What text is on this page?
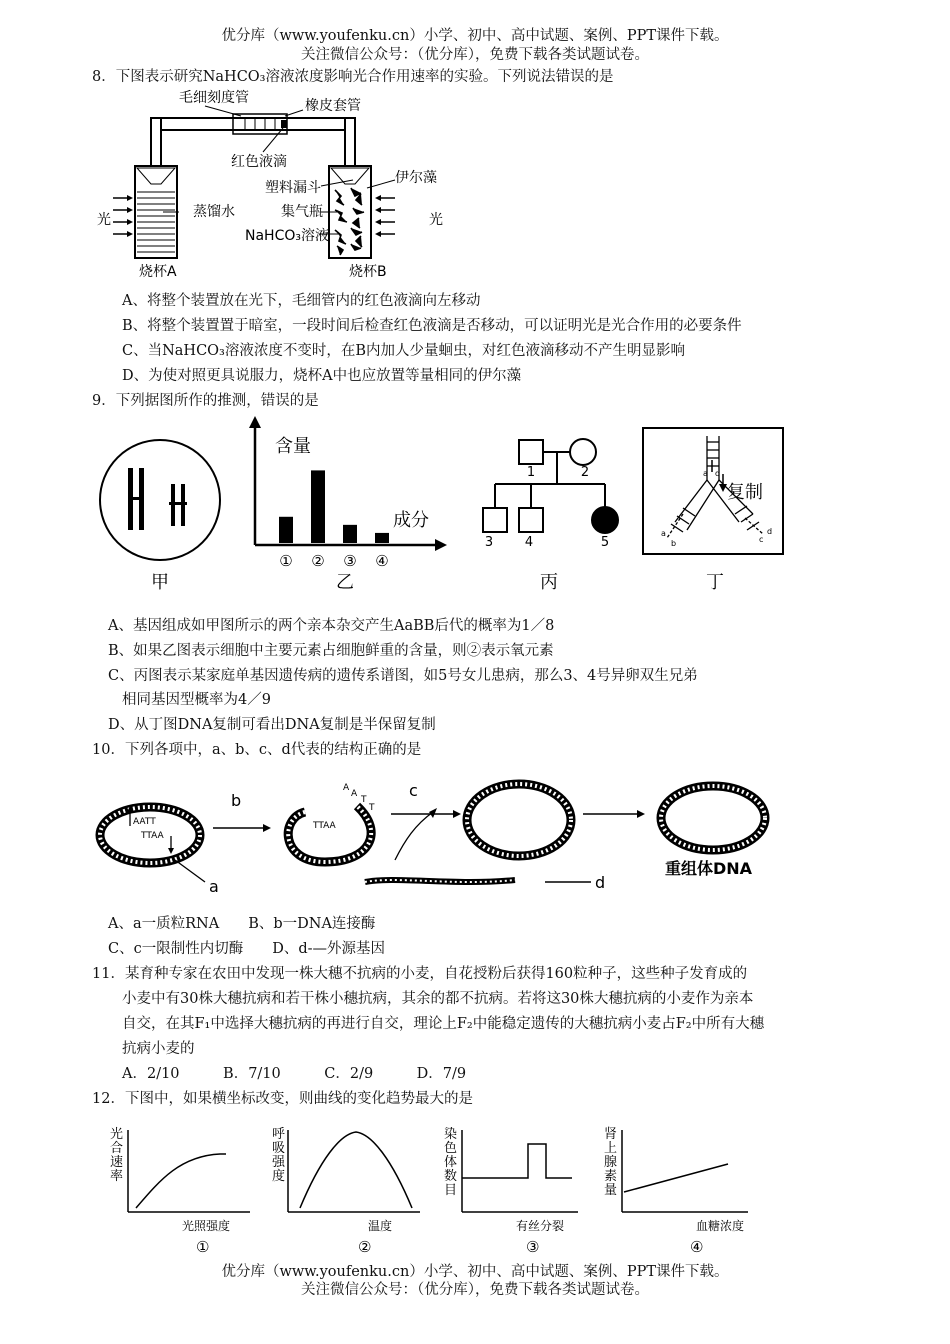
优分库（www.youfenku.cn）小学、初中、高中试题、案例、PPT课件下载。
关注微信公众号：（优分库），免费下载各类试题试卷。
8．下图表示研究NaHCO₃溶液浓度影响光合作用速率的实验。下列说法错误的是
毛细刻度管	橡皮套管
红色液滴
塑料漏斗
蒸馏水	集气瓶
NaHCO₃溶液
伊尔藻
光	光
烧杯A	烧杯B
A、将整个装置放在光下，毛细管内的红色液滴向左移动
B、将整个装置置于暗室，一段时间后检查红色液滴是否移动，可以证明光是光合作用的必要条件
C、当NaHCO₃溶液浓度不变时，在B内加人少量蛔虫，对红色液滴移动不产生明显影响
D、为使对照更具说服力，烧杯A中也应放置等量相同的伊尔藻
9．下列据图所作的推测，错误的是
甲
含量
成分
① ② ③ ④
乙
1	2
3 4	5
丙
a d
a
b	c
d
复制
丁
A、基因组成如甲图所示的两个亲本杂交产生AaBB后代的概率为1／8
B、如果乙图表示细胞中主要元素占细胞鲜重的含量，则②表示氧元素
C、丙图表示某家庭单基因遗传病的遗传系谱图，如5号女儿患病，那么3、4号异卵双生兄弟
相同基因型概率为4／9
D、从丁图DNA复制可看出DNA复制是半保留复制
10．下列各项中，a、b、c、d代表的结构正确的是
AATT
TTAA
a
b
TTAA
A
A
T
T
c
d
重组体DNA
A、a一质粒RNA　　B、b一DNA连接酶
C、c一限制性内切酶　　D、d-—外源基因
11．某育种专家在农田中发现一株大穗不抗病的小麦，自花授粉后获得160粒种子，这些种子发育成的
小麦中有30株大穗抗病和若干株小穗抗病，其余的都不抗病。若将这30株大穗抗病的小麦作为亲本
自交，在其F₁中选择大穗抗病的再进行自交，理论上F₂中能稳定遗传的大穗抗病小麦占F₂中所有大穗
抗病小麦的
A．2/10　　　B．7/10　　　C．2/9　　　D．7/9
12．下图中，如果横坐标改变，则曲线的变化趋势最大的是
光
合
速
率
光照强度
①
呼
吸
强
度
温度
②
染
色
体
数
目
有丝分裂
③
肾
上
腺
素
量
血糖浓度
④
优分库（www.youfenku.cn）小学、初中、高中试题、案例、PPT课件下载。
关注微信公众号：（优分库），免费下载各类试题试卷。
